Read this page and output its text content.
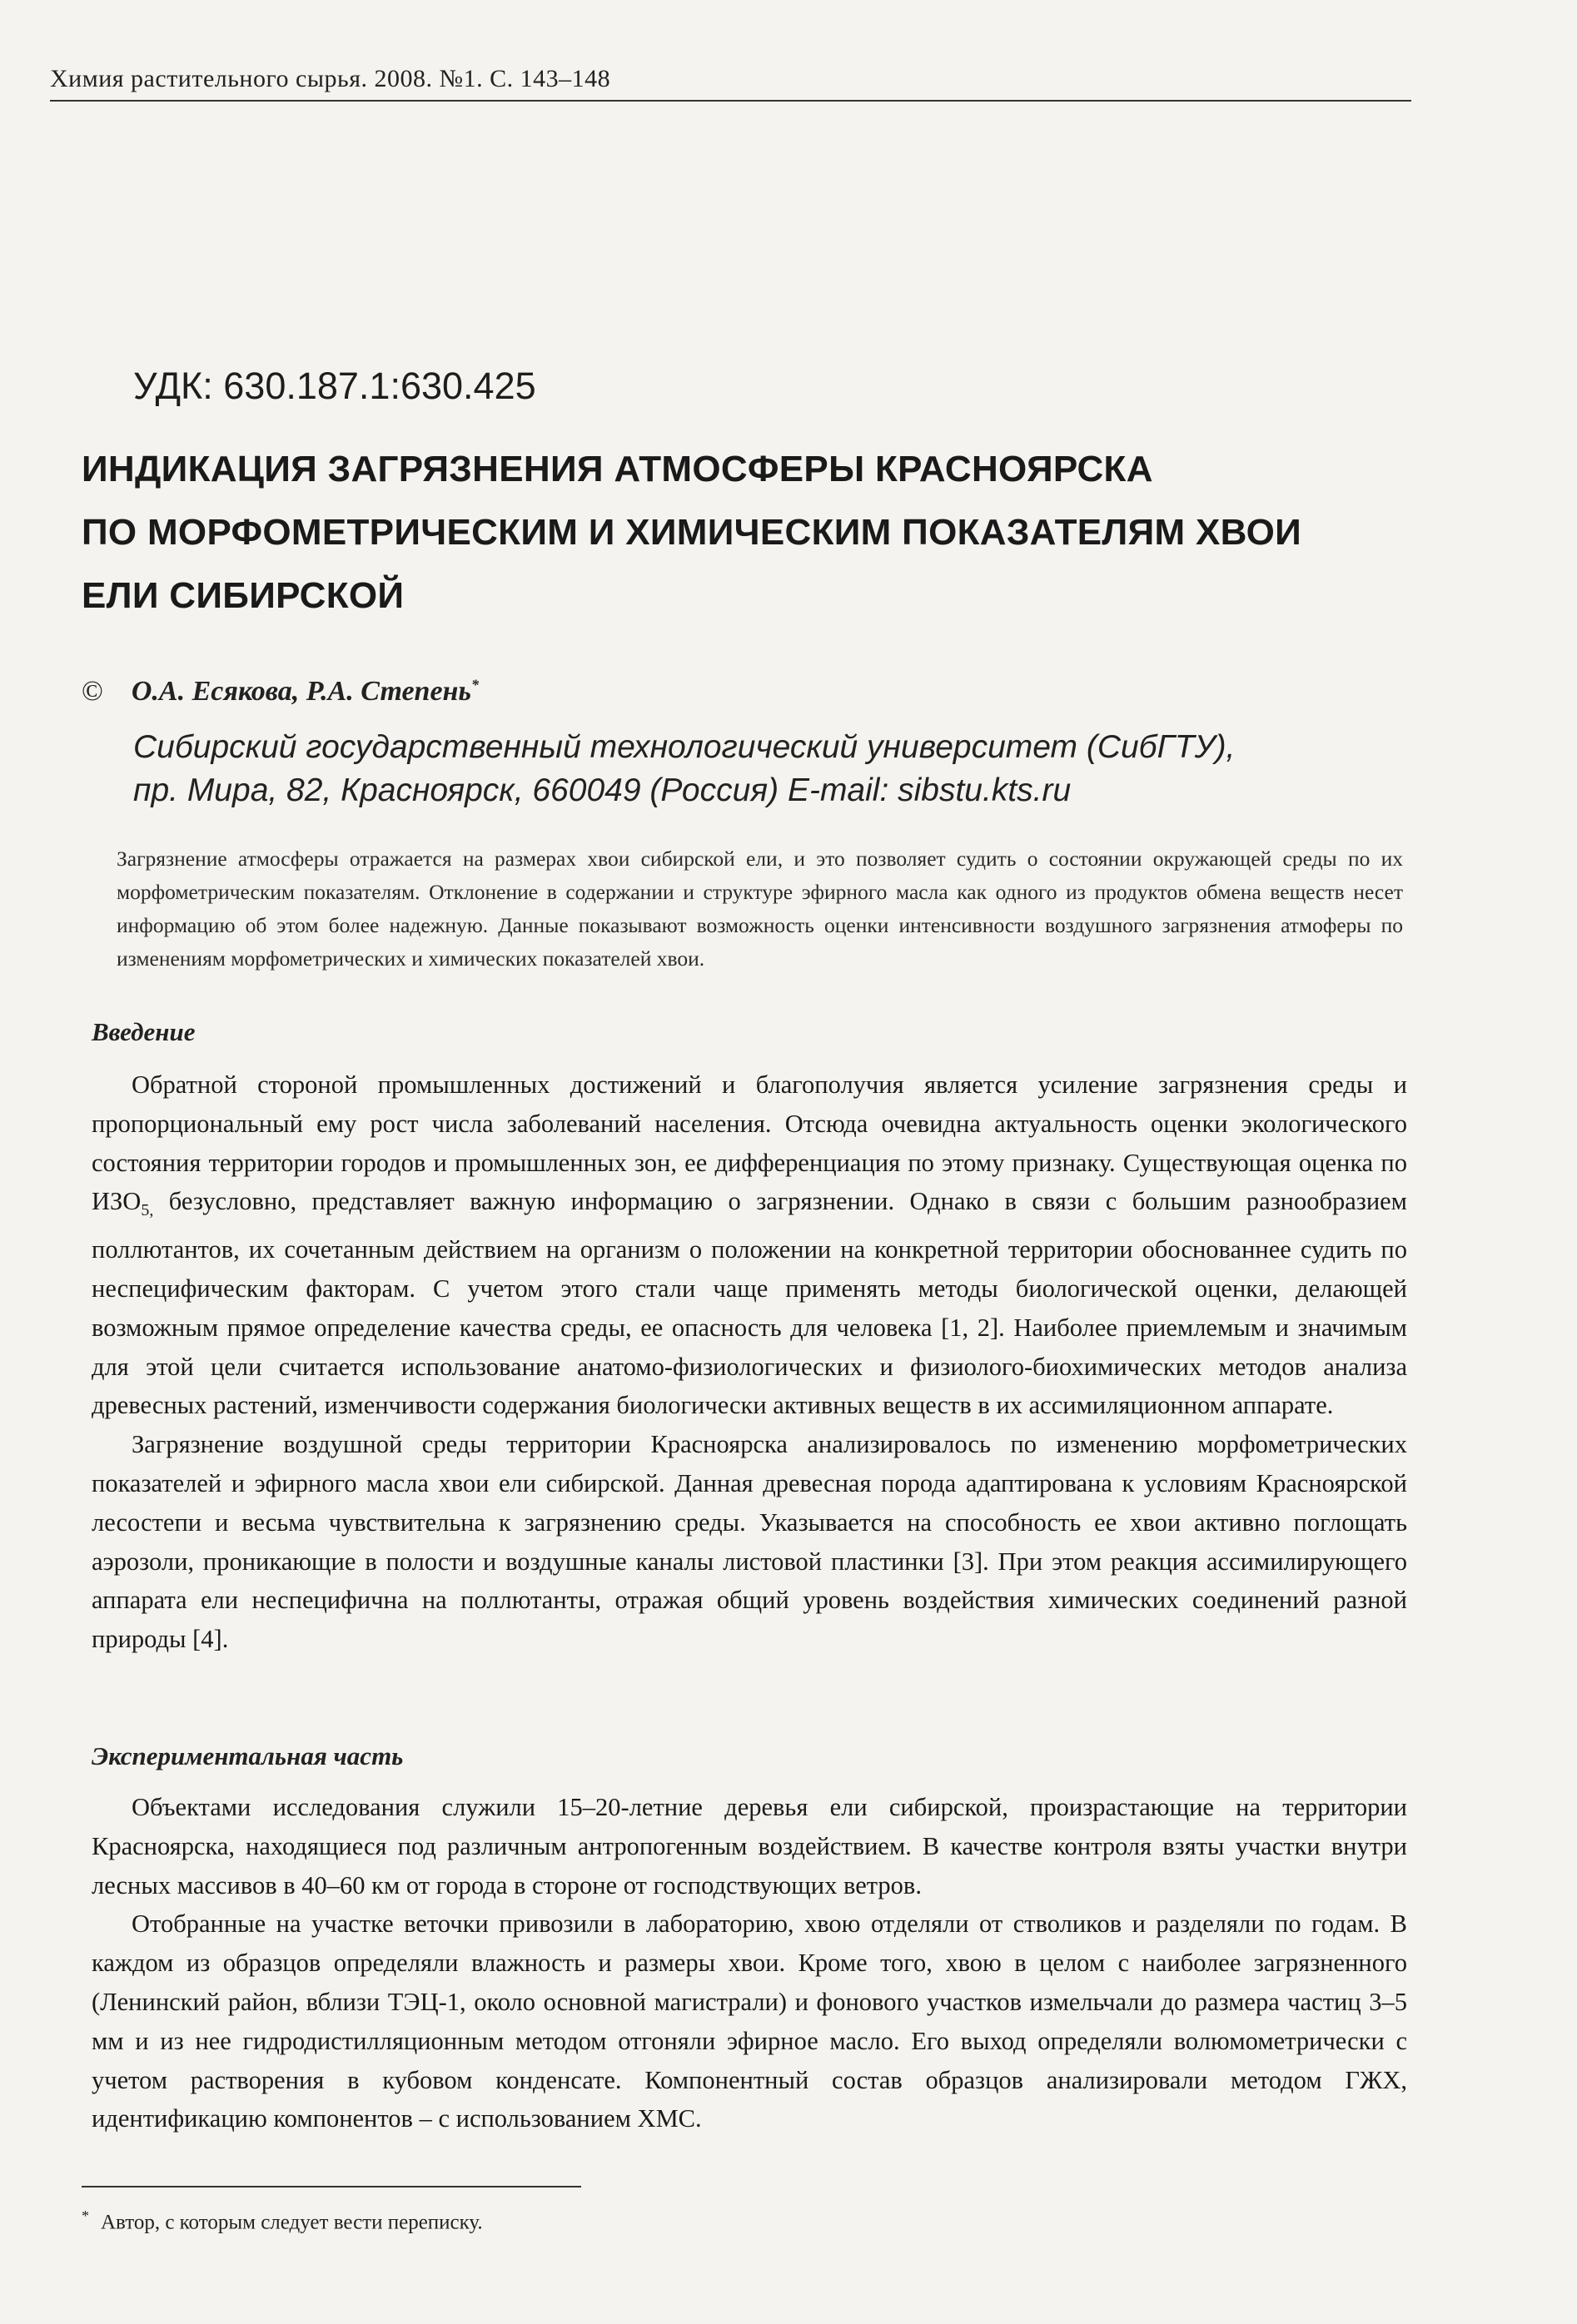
Химия растительного сырья. 2008. №1. С. 143–148
УДК: 630.187.1:630.425
ИНДИКАЦИЯ ЗАГРЯЗНЕНИЯ АТМОСФЕРЫ КРАСНОЯРСКА
ПО МОРФОМЕТРИЧЕСКИМ И ХИМИЧЕСКИМ ПОКАЗАТЕЛЯМ ХВОИ
ЕЛИ СИБИРСКОЙ
© О.А. Есякова, Р.А. Степень*
Сибирский государственный технологический университет (СибГТУ),
пр. Мира, 82, Красноярск, 660049 (Россия) E-mail: sibstu.kts.ru
Загрязнение атмосферы отражается на размерах хвои сибирской ели, и это позволяет судить о состоянии окружающей среды по их морфометрическим показателям. Отклонение в содержании и структуре эфирного масла как одного из продуктов обмена веществ несет информацию об этом более надежную. Данные показывают возможность оценки интенсивности воздушного загрязнения атмоферы по изменениям морфометрических и химических показателей хвои.
Введение

Обратной стороной промышленных достижений и благополучия является усиление загрязнения среды и пропорциональный ему рост числа заболеваний населения. Отсюда очевидна актуальность оценки экологического состояния территории городов и промышленных зон, ее дифференциация по этому признаку. Существующая оценка по $ИЗО_{5,}$ безусловно, представляет важную информацию о загрязнении. Однако в связи с большим разнообразием поллютантов, их сочетанным действием на организм о положении на конкретной территории обоснованнее судить по неспецифическим факторам. С учетом этого стали чаще применять методы биологической оценки, делающей возможным прямое определение качества среды, ее опасность для человека [1, 2]. Наиболее приемлемым и значимым для этой цели считается использование анатомо-физиологических и физиолого-биохимических методов анализа древесных растений, изменчивости содержания биологически активных веществ в их ассимиляционном аппарате.

Загрязнение воздушной среды территории Красноярска анализировалось по изменению морфометрических показателей и эфирного масла хвои ели сибирской. Данная древесная порода адаптирована к условиям Красноярской лесостепи и весьма чувствительна к загрязнению среды. Указывается на способность ее хвои активно поглощать аэрозоли, проникающие в полости и воздушные каналы листовой пластинки [3]. При этом реакция ассимилирующего аппарата ели неспецифична на поллютанты, отражая общий уровень воздействия химических соединений разной природы [4].

Экспериментальная часть

Объектами исследования служили 15–20-летние деревья ели сибирской, произрастающие на территории Красноярска, находящиеся под различным антропогенным воздействием. В качестве контроля взяты участки внутри лесных массивов в 40–60 км от города в стороне от господствующих ветров.

Отобранные на участке веточки привозили в лабораторию, хвою отделяли от стволиков и разделяли по годам. В каждом из образцов определяли влажность и размеры хвои. Кроме того, хвою в целом с наиболее загрязненного (Ленинский район, вблизи ТЭЦ-1, около основной магистрали) и фонового участков измельчали до размера частиц 3–5 мм и из нее гидродистилляционным методом отгоняли эфирное масло. Его выход определяли волюмометрически с учетом растворения в кубовом конденсате. Компонентный состав образцов анализировали методом ГЖХ, идентификацию компонентов – с использованием ХМС.

* Автор, с которым следует вести переписку.
